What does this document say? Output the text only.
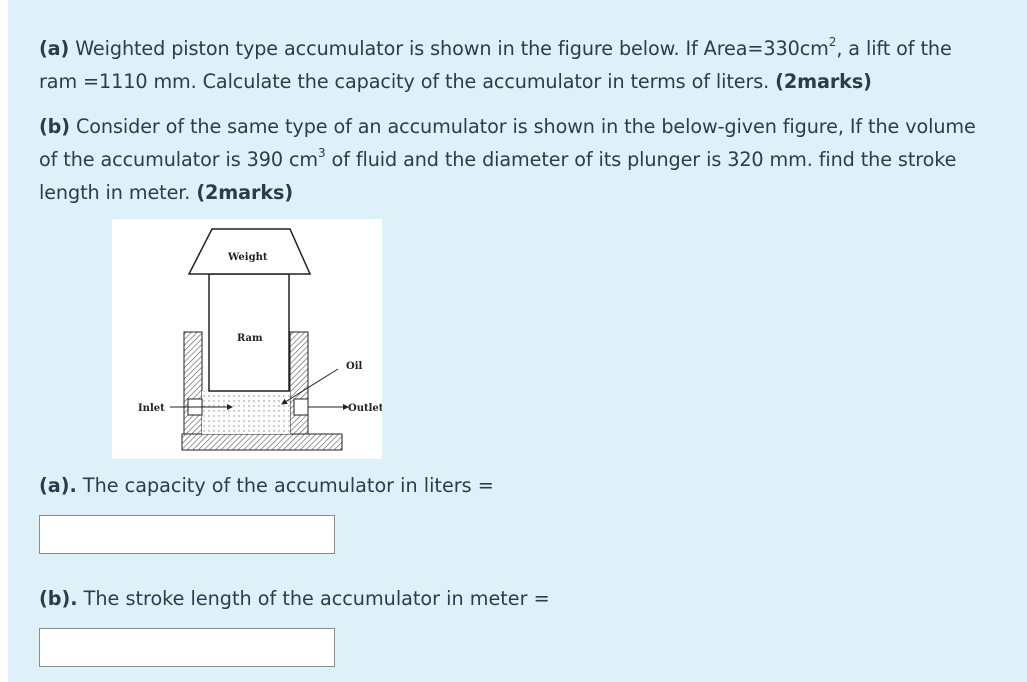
(a) Weighted piston type accumulator is shown in the figure below. If $Area=330cm^2$, a lift of the
ram =1110 mm. Calculate the capacity of the accumulator in terms of liters. (2marks)
(b) Consider of the same type of an accumulator is shown in the below-given figure, If the volume
of the accumulator is 390 $cm^3$ of fluid and the diameter of its plunger is 320 mm. find the stroke
length in meter. (2marks)
Weight
Ram
Oil
Inlet	Outlet
(a). The capacity of the accumulator in liters =
(b). The stroke length of the accumulator in meter =
